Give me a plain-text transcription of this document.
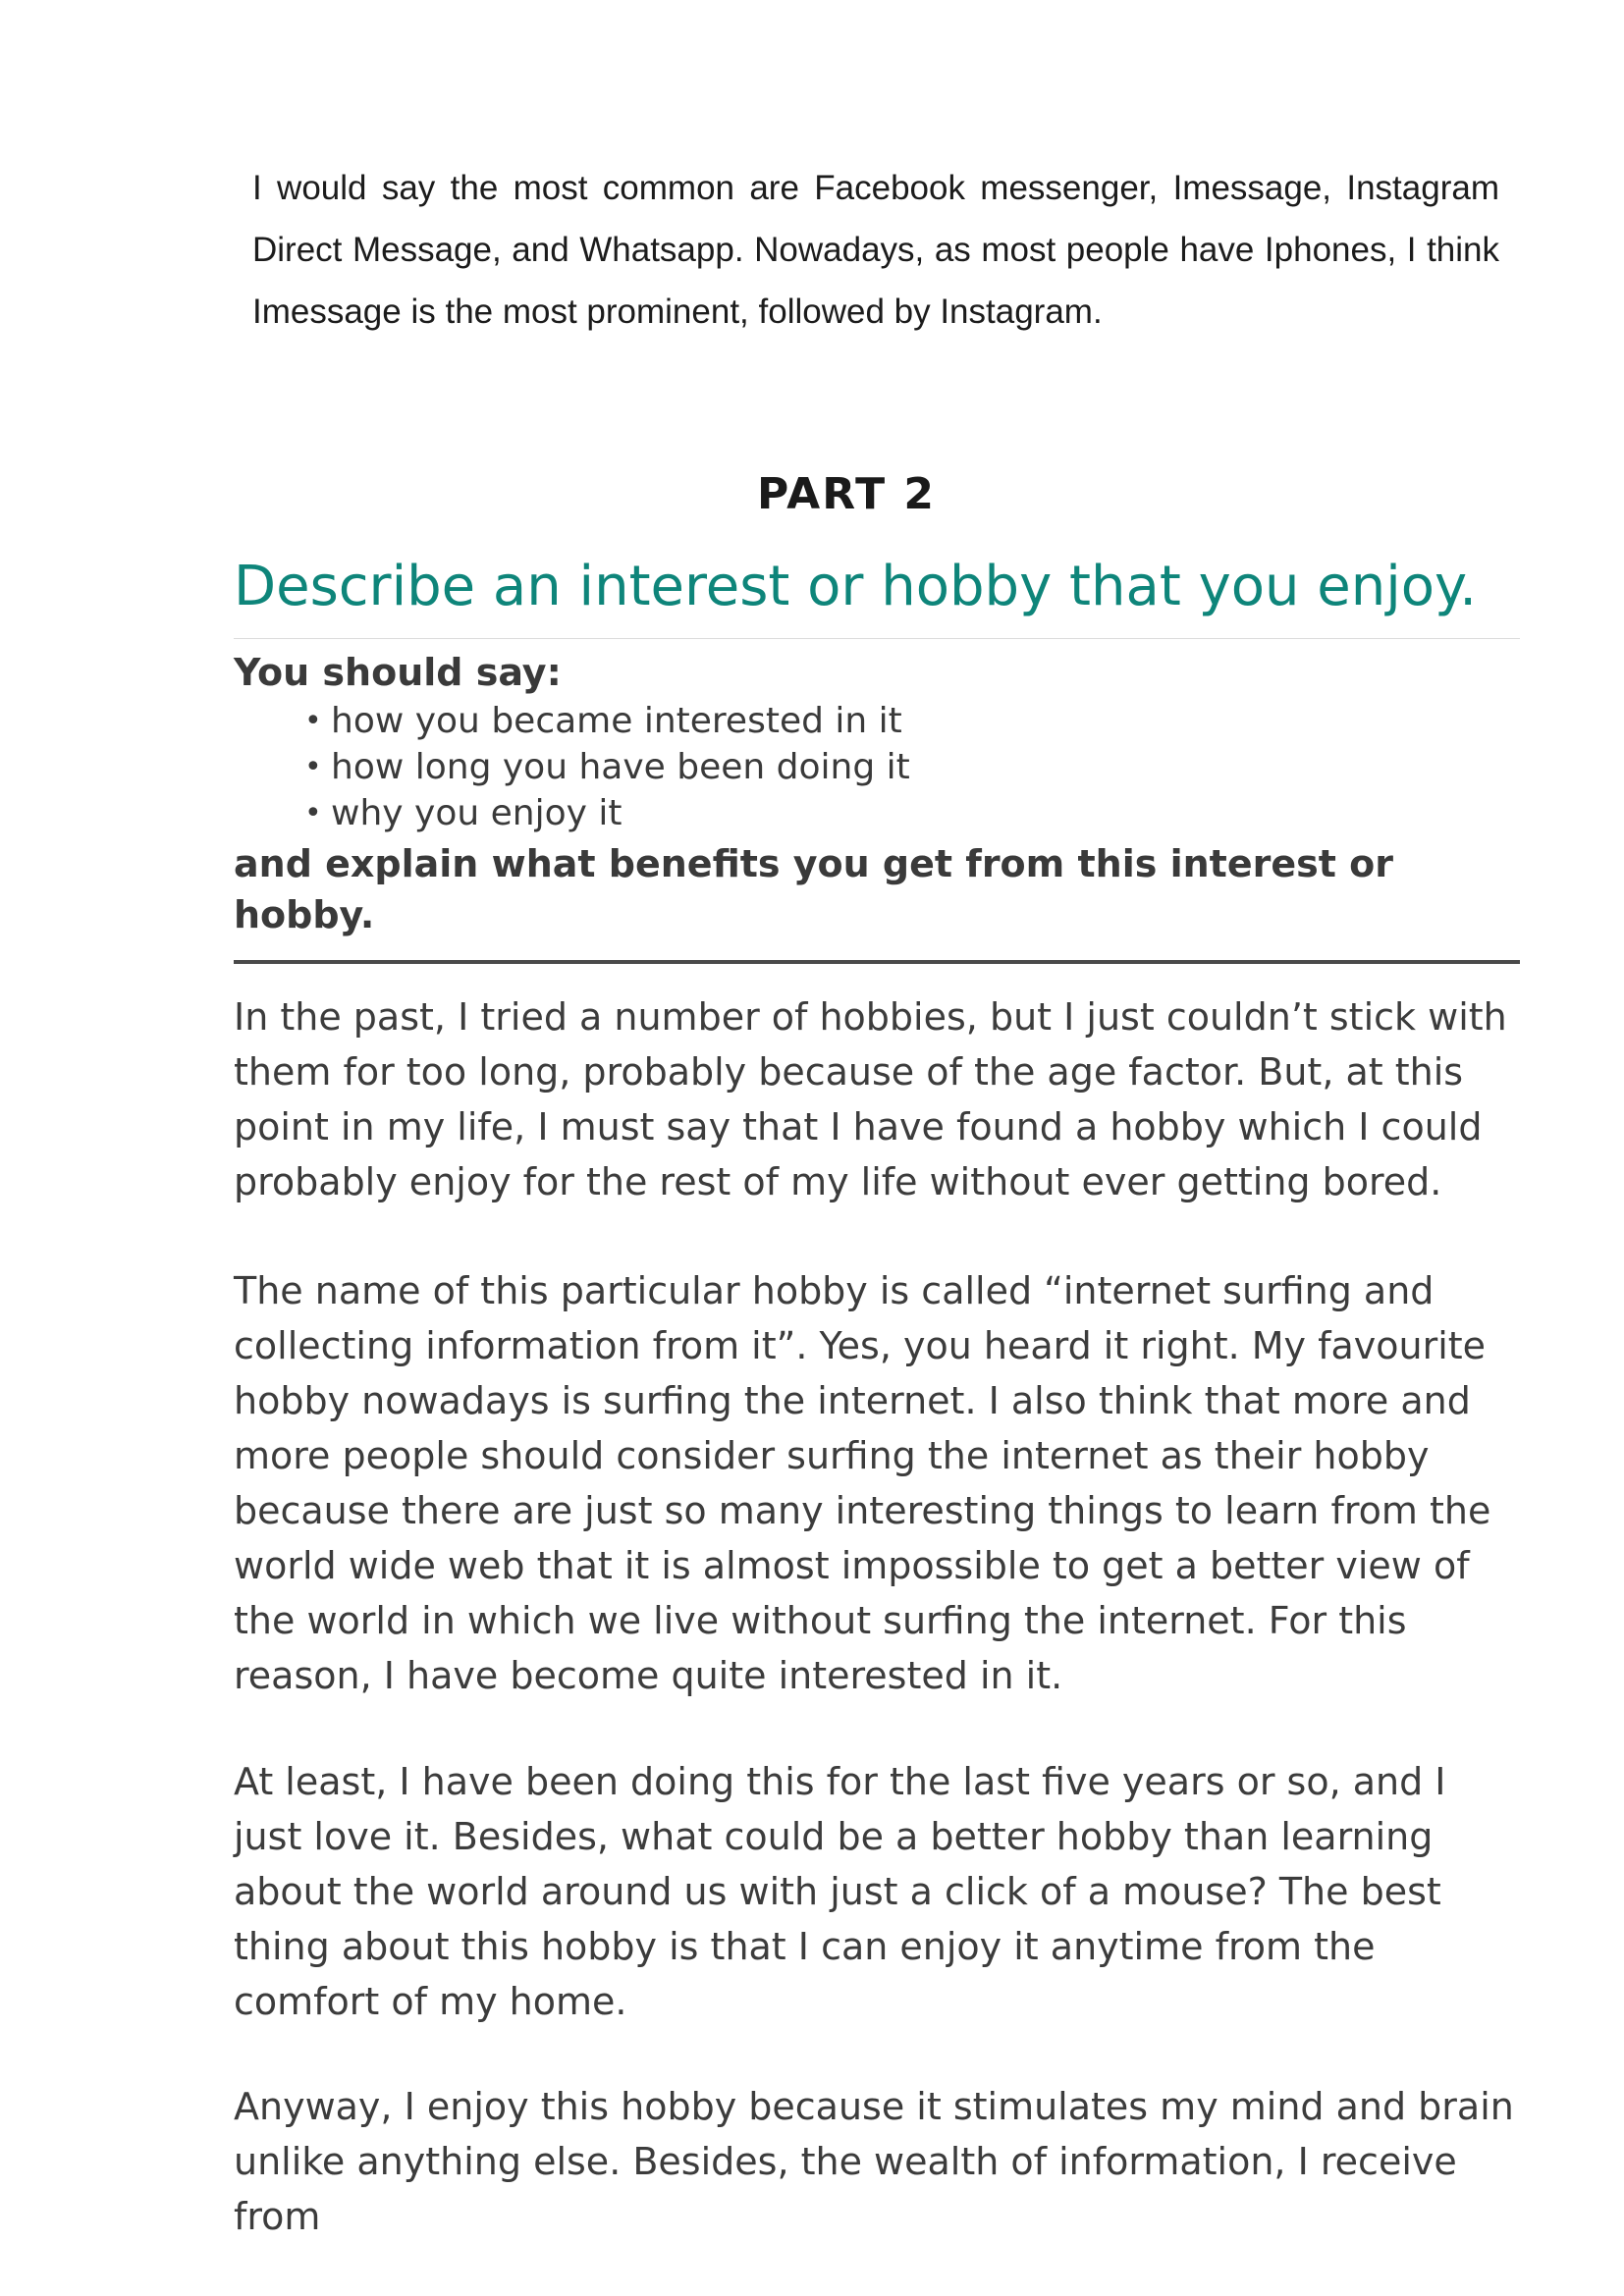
I would say the most common are Facebook messenger, Imessage, Instagram Direct Message, and Whatsapp. Nowadays, as most people have Iphones, I think Imessage is the most prominent, followed by Instagram.

PART 2
Describe an interest or hobby that you enjoy.
You should say:
• how you became interested in it
• how long you have been doing it
• why you enjoy it
and explain what benefits you get from this interest or hobby.

In the past, I tried a number of hobbies, but I just couldn’t stick with them for too long, probably because of the age factor. But, at this point in my life, I must say that I have found a hobby which I could probably enjoy for the rest of my life without ever getting bored.

The name of this particular hobby is called “internet surfing and collecting information from it”. Yes, you heard it right. My favourite hobby nowadays is surfing the internet. I also think that more and more people should consider surfing the internet as their hobby because there are just so many interesting things to learn from the world wide web that it is almost impossible to get a better view of the world in which we live without surfing the internet. For this reason, I have become quite interested in it.

At least, I have been doing this for the last five years or so, and I just love it. Besides, what could be a better hobby than learning about the world around us with just a click of a mouse? The best thing about this hobby is that I can enjoy it anytime from the comfort of my home.

Anyway, I enjoy this hobby because it stimulates my mind and brain unlike anything else. Besides, the wealth of information, I receive from
